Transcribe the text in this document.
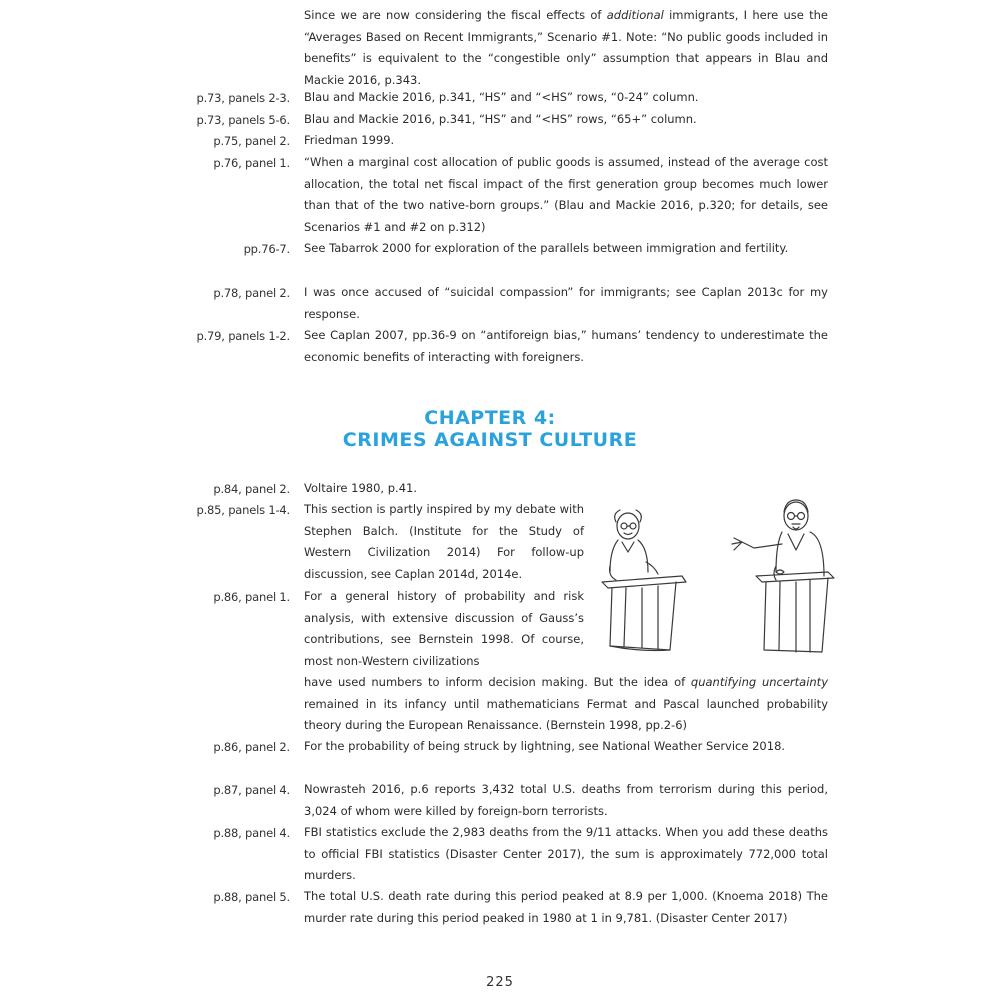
Since we are now considering the fiscal effects of additional immigrants, I here use the “Averages Based on Recent Immigrants,” Scenario #1. Note: “No public goods included in benefits” is equivalent to the “congestible only” assumption that appears in Blau and Mackie 2016, p.343.

p.73, panels 2-3. Blau and Mackie 2016, p.341, “HS” and “<HS” rows, “0-24” column.
p.73, panels 5-6. Blau and Mackie 2016, p.341, “HS” and “<HS” rows, “65+” column.
p.75, panel 2. Friedman 1999.
p.76, panel 1. “When a marginal cost allocation of public goods is assumed, instead of the average cost allocation, the total net fiscal impact of the first generation group becomes much lower than that of the two native-born groups.” (Blau and Mackie 2016, p.320; for details, see Scenarios #1 and #2 on p.312)
pp.76-7. See Tabarrok 2000 for exploration of the parallels between immigration and fertility.
p.78, panel 2. I was once accused of “suicidal compassion” for immigrants; see Caplan 2013c for my response.
p.79, panels 1-2. See Caplan 2007, pp.36-9 on “antiforeign bias,” humans’ tendency to underestimate the economic benefits of interacting with foreigners.
CHAPTER 4:
CRIMES AGAINST CULTURE
p.84, panel 2. Voltaire 1980, p.41.
p.85, panels 1-4. This section is partly inspired by my debate with Stephen Balch. (Institute for the Study of Western Civilization 2014) For follow-up discussion, see Caplan 2014d, 2014e.
p.86, panel 1. For a general history of probability and risk analysis, with extensive discussion of Gauss’s contributions, see Bernstein 1998. Of course, most non-Western civilizations

have used numbers to inform decision making. But the idea of quantifying uncertainty remained in its infancy until mathematicians Fermat and Pascal launched probability theory during the European Renaissance. (Bernstein 1998, pp.2-6)

p.86, panel 2. For the probability of being struck by lightning, see National Weather Service 2018.
p.87, panel 4. Nowrasteh 2016, p.6 reports 3,432 total U.S. deaths from terrorism during this period, 3,024 of whom were killed by foreign-born terrorists.
p.88, panel 4. FBI statistics exclude the 2,983 deaths from the 9/11 attacks. When you add these deaths to official FBI statistics (Disaster Center 2017), the sum is approximately 772,000 total murders.
p.88, panel 5. The total U.S. death rate during this period peaked at 8.9 per 1,000. (Knoema 2018) The murder rate during this period peaked in 1980 at 1 in 9,781. (Disaster Center 2017)
225
